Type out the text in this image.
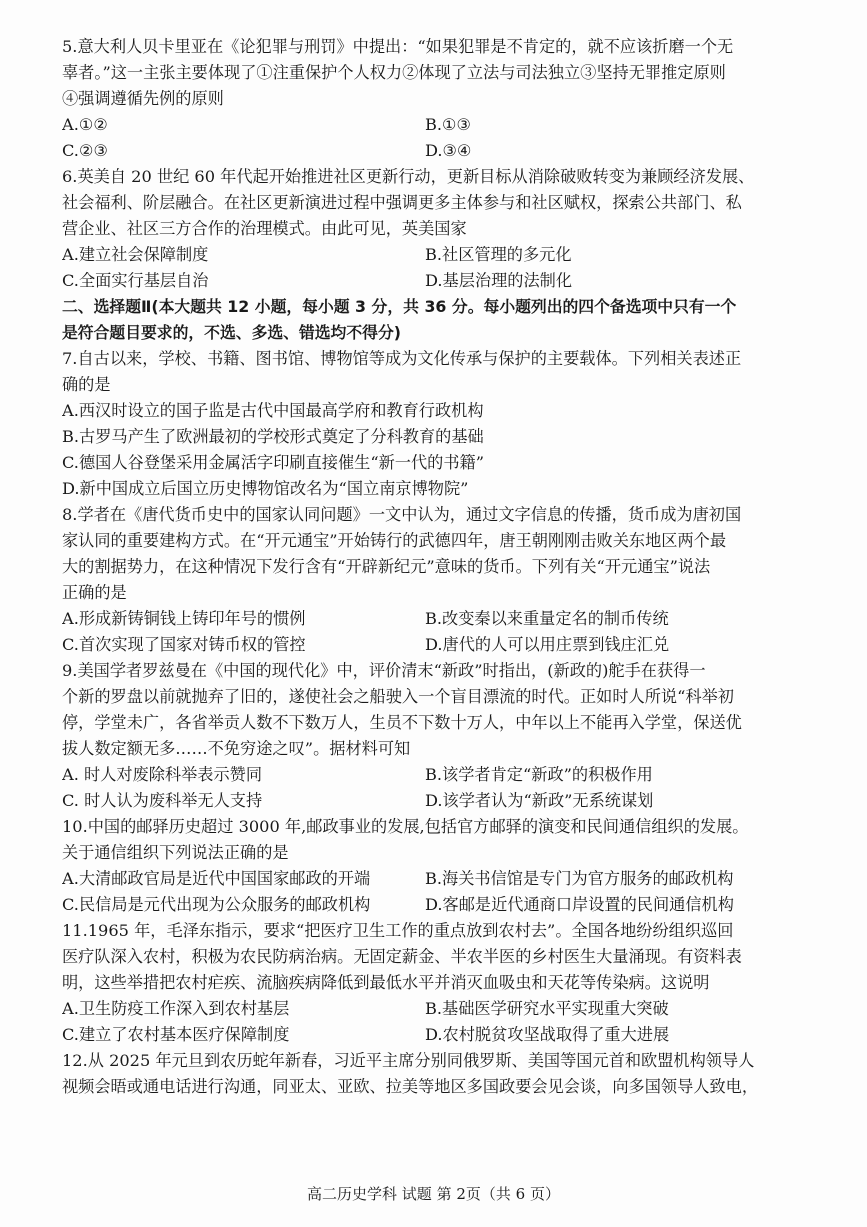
5.意大利人贝卡里亚在《论犯罪与刑罚》中提出：“如果犯罪是不肯定的，就不应该折磨一个无
辜者。”这一主张主要体现了①注重保护个人权力②体现了立法与司法独立③坚持无罪推定原则
④强调遵循先例的原则
A.①②	B.①③
C.②③	D.③④
6.英美自 20 世纪 60 年代起开始推进社区更新行动，更新目标从消除破败转变为兼顾经济发展、
社会福利、阶层融合。在社区更新演进过程中强调更多主体参与和社区赋权，探索公共部门、私
营企业、社区三方合作的治理模式。由此可见，英美国家
A.建立社会保障制度	B.社区管理的多元化
C.全面实行基层自治	D.基层治理的法制化
二、选择题Ⅱ(本大题共 12 小题，每小题 3 分，共 36 分。每小题列出的四个备选项中只有一个
是符合题目要求的，不选、多选、错选均不得分)
7.自古以来，学校、书籍、图书馆、博物馆等成为文化传承与保护的主要载体。下列相关表述正
确的是
A.西汉时设立的国子监是古代中国最高学府和教育行政机构
B.古罗马产生了欧洲最初的学校形式奠定了分科教育的基础
C.德国人谷登堡采用金属活字印刷直接催生“新一代的书籍”
D.新中国成立后国立历史博物馆改名为“国立南京博物院”
8.学者在《唐代货币史中的国家认同问题》一文中认为，通过文字信息的传播，货币成为唐初国
家认同的重要建构方式。在“开元通宝”开始铸行的武德四年，唐王朝刚刚击败关东地区两个最
大的割据势力，在这种情况下发行含有“开辟新纪元”意味的货币。下列有关“开元通宝”说法
正确的是
A.形成新铸铜钱上铸印年号的惯例	B.改变秦以来重量定名的制币传统
C.首次实现了国家对铸币权的管控	D.唐代的人可以用庄票到钱庄汇兑
9.美国学者罗兹曼在《中国的现代化》中，评价清末“新政”时指出，(新政的)舵手在获得一
个新的罗盘以前就抛弃了旧的，遂使社会之船驶入一个盲目漂流的时代。正如时人所说“科举初
停，学堂未广，各省举贡人数不下数万人，生员不下数十万人，中年以上不能再入学堂，保送优
拔人数定额无多……不免穷途之叹”。据材料可知
A. 时人对废除科举表示赞同	B.该学者肯定“新政”的积极作用
C. 时人认为废科举无人支持	D.该学者认为“新政”无系统谋划
10.中国的邮驿历史超过 3000 年,邮政事业的发展,包括官方邮驿的演变和民间通信组织的发展。
关于通信组织下列说法正确的是
A.大清邮政官局是近代中国国家邮政的开端	B.海关书信馆是专门为官方服务的邮政机构
C.民信局是元代出现为公众服务的邮政机构	D.客邮是近代通商口岸设置的民间通信机构
11.1965 年，毛泽东指示，要求“把医疗卫生工作的重点放到农村去”。全国各地纷纷组织巡回
医疗队深入农村，积极为农民防病治病。无固定薪金、半农半医的乡村医生大量涌现。有资料表
明，这些举措把农村疟疾、流脑疾病降低到最低水平并消灭血吸虫和天花等传染病。这说明
A.卫生防疫工作深入到农村基层	B.基础医学研究水平实现重大突破
C.建立了农村基本医疗保障制度	D.农村脱贫攻坚战取得了重大进展
12.从 2025 年元旦到农历蛇年新春，习近平主席分别同俄罗斯、美国等国元首和欧盟机构领导人
视频会晤或通电话进行沟通，同亚太、亚欧、拉美等地区多国政要会见会谈，向多国领导人致电，
高二历史学科 试题 第 2页（共 6 页）
